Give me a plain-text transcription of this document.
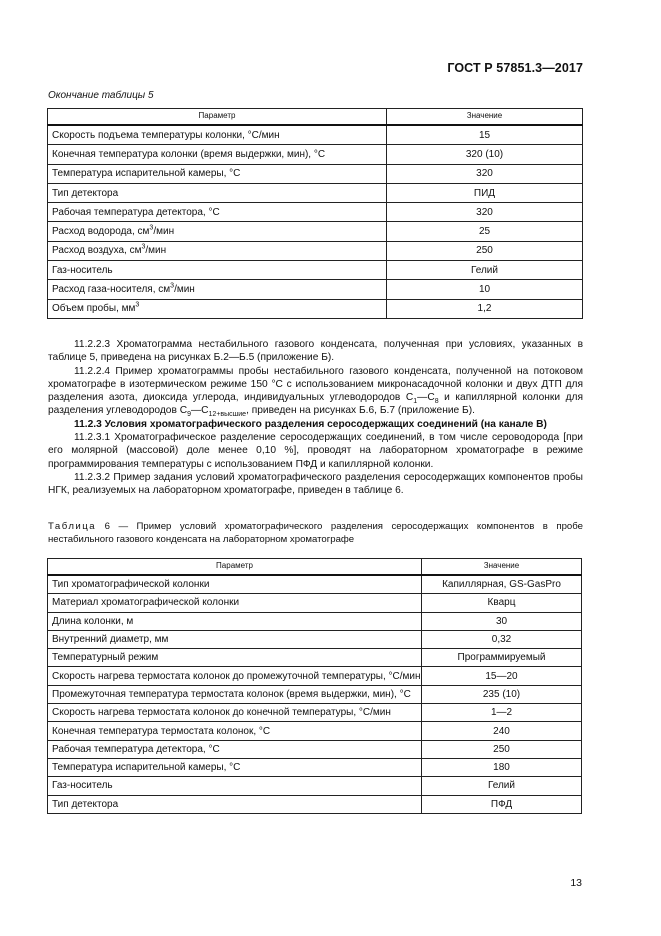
ГОСТ Р 57851.3—2017
Окончание таблицы 5
Параметр	Значение
Скорость подъема температуры колонки, °С/мин	15
Конечная температура колонки (время выдержки, мин), °С	320 (10)
Температура испарительной камеры, °С	320
Тип детектора	ПИД
Рабочая температура детектора, °С	320
Расход водорода, $см^3$/мин	25
Расход воздуха, $см^3$/мин	250
Газ-носитель	Гелий
Расход газа-носителя, $см^3$/мин	10
Объем пробы, $мм^3$	1,2

11.2.2.3 Хроматограмма нестабильного газового конденсата, полученная при условиях, указанных в таблице 5, приведена на рисунках Б.2—Б.5 (приложение Б).

11.2.2.4 Пример хроматограммы пробы нестабильного газового конденсата, полученной на потоковом хроматографе в изотермическом режиме 150 °С с использованием микронасадочной колонки и двух ДТП для разделения азота, диоксида углерода, индивидуальных углеводородов $С_1—С_8$ и капиллярной колонки для разделения углеводородов $С_9—С_{12+высшие}$, приведен на рисунках Б.6, Б.7 (приложение Б).

11.2.3 Условия хроматографического разделения серосодержащих соединений (на канале В)

11.2.3.1 Хроматографическое разделение серосодержащих соединений, в том числе сероводорода [при его молярной (массовой) доле менее 0,10 %], проводят на лабораторном хроматографе в режиме программирования температуры с использованием ПФД и капиллярной колонки.

11.2.3.2 Пример задания условий хроматографического разделения серосодержащих компонентов пробы НГК, реализуемых на лабораторном хроматографе, приведен в таблице 6.

Таблица 6 — Пример условий хроматографического разделения серосодержащих компонентов в пробе нестабильного газового конденсата на лабораторном хроматографе
Параметр	Значение
Тип хроматографической колонки	Капиллярная, GS-GasPro
Материал хроматографической колонки	Кварц
Длина колонки, м	30
Внутренний диаметр, мм	0,32
Температурный режим	Программируемый
Скорость нагрева термостата колонок до промежуточной температуры, °С/мин	15—20
Промежуточная температура термостата колонок (время выдержки, мин), °С	235 (10)
Скорость нагрева термостата колонок до конечной температуры, °С/мин	1—2
Конечная температура термостата колонок, °С	240
Рабочая температура детектора, °С	250
Температура испарительной камеры, °С	180
Газ-носитель	Гелий
Тип детектора	ПФД
13
